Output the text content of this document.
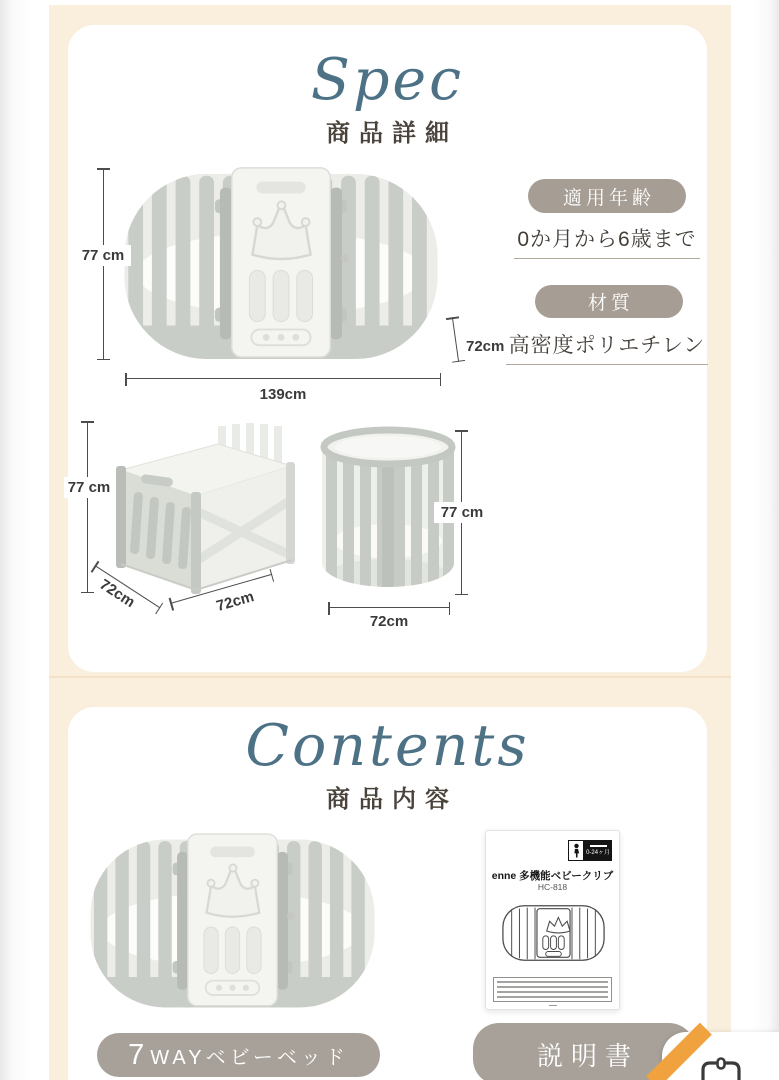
Spec
商品詳細
77 cm
139cm
72cm
77 cm
72cm	72cm
77 cm
72cm
適用年齢
0か月から6歳まで
材質
高密度ポリエチレン
Contents
商品内容
7 WAYベビーベッド
0-24ヶ月
enne 多機能ベビークリブ
HC-818
説明書
